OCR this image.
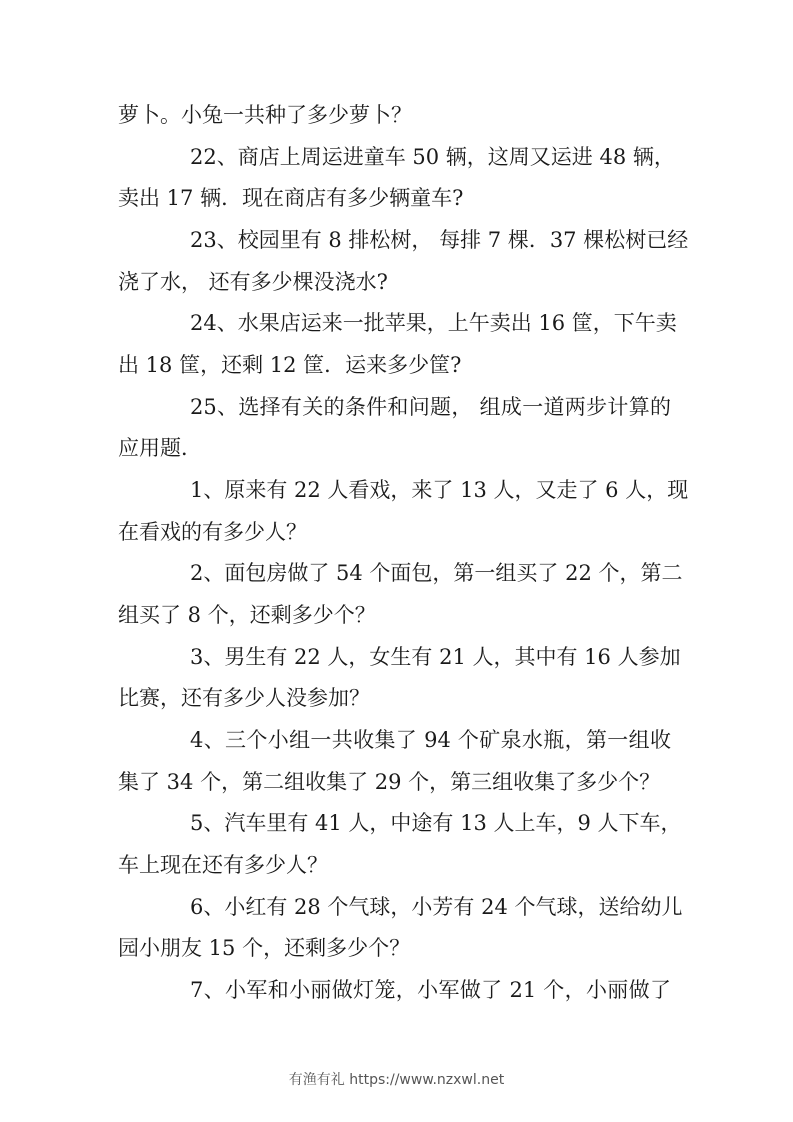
萝卜。小兔一共种了多少萝卜？
22、商店上周运进童车 50 辆，这周又运进 48 辆，
卖出 17 辆．现在商店有多少辆童车?
23、校园里有 8 排松树， 每排 7 棵．37 棵松树已经
浇了水， 还有多少棵没浇水?
24、水果店运来一批苹果，上午卖出 16 筐，下午卖
出 18 筐，还剩 12 筐．运来多少筐?
25、选择有关的条件和问题， 组成一道两步计算的
应用题．
1、原来有 22 人看戏，来了 13 人，又走了 6 人，现
在看戏的有多少人？
2、面包房做了 54 个面包，第一组买了 22 个，第二
组买了 8 个，还剩多少个？
3、男生有 22 人，女生有 21 人，其中有 16 人参加
比赛，还有多少人没参加？
4、三个小组一共收集了 94 个矿泉水瓶，第一组收
集了 34 个，第二组收集了 29 个，第三组收集了多少个？
5、汽车里有 41 人，中途有 13 人上车，9 人下车，
车上现在还有多少人？
6、小红有 28 个气球，小芳有 24 个气球，送给幼儿
园小朋友 15 个，还剩多少个？
7、小军和小丽做灯笼，小军做了 21 个，小丽做了
有渔有礼 https://www.nzxwl.net
